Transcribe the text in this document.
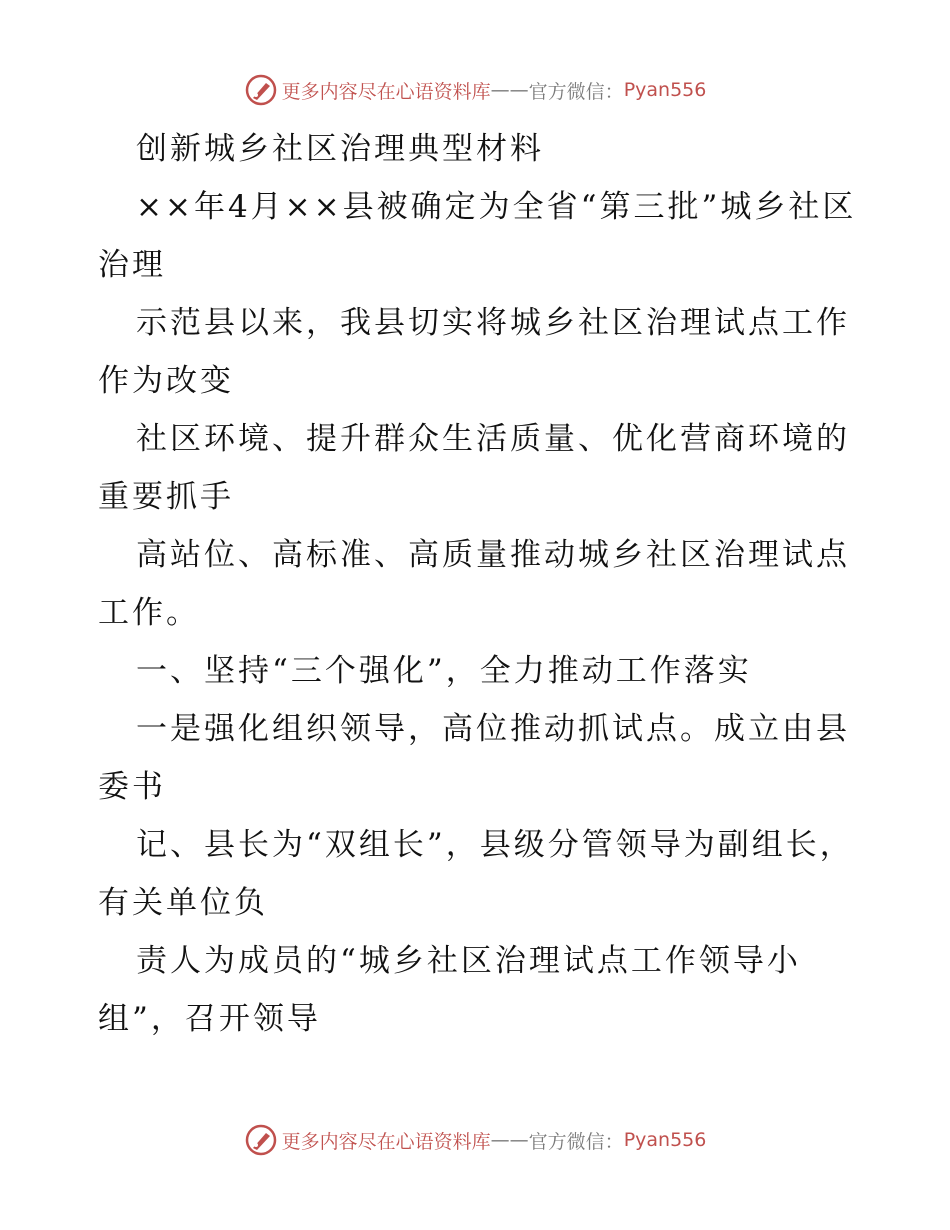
更多内容尽在心语资料库 —— 官方微信： Pyan556

创新城乡社区治理典型材料

××年4月××县被确定为全省“第三批”城乡社区治理

示范县以来，我县切实将城乡社区治理试点工作作为改变

社区环境、提升群众生活质量、优化营商环境的重要抓手

高站位、高标准、高质量推动城乡社区治理试点工作。

一、坚持“三个强化”，全力推动工作落实

一是强化组织领导，高位推动抓试点。成立由县委书

记、县长为“双组长”，县级分管领导为副组长，有关单位负

责人为成员的“城乡社区治理试点工作领导小组”，召开领导

更多内容尽在心语资料库 —— 官方微信： Pyan556
